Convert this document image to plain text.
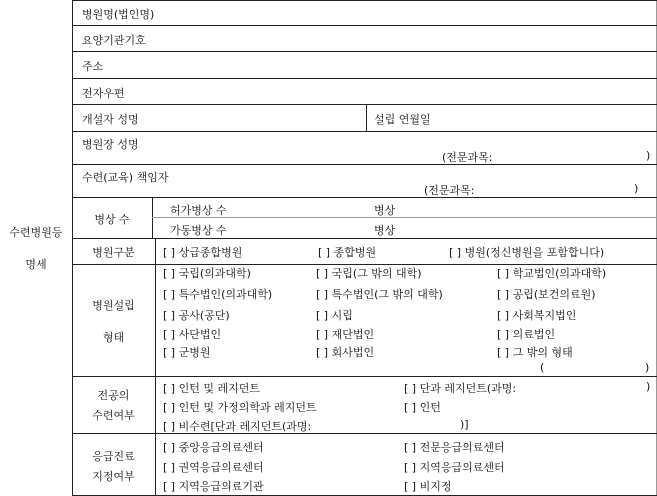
수련병원등
명세
병원명(법인명)
요양기관기호
주소
전자우편
개설자 성명	설립 연월일
병원장 성명
(전문과목:	)
수련(교육) 책임자
(전문과목:	)
병상 수
허가병상 수	병상
가동병상 수	병상
병원구분	[ ] 상급종합병원	[ ] 종합병원	[ ] 병원(정신병원을 포함합니다)
병원설립
형태
[ ] 국립(의과대학)	[ ] 국립(그 밖의 대학)	[ ] 학교법인(의과대학)
[ ] 특수법인(의과대학)	[ ] 특수법인(그 밖의 대학)	[ ] 공립(보건의료원)
[ ] 공사(공단)	[ ] 시립	[ ] 사회복지법인
[ ] 사단법인	[ ] 재단법인	[ ] 의료법인
[ ] 군병원	[ ] 회사법인	[ ] 그 밖의 형태
(	)
전공의
수련여부
[ ] 인턴 및 레지던트	[ ] 단과 레지던트(과명:	)
[ ] 인턴 및 가정의학과 레지던트	[ ] 인턴
[ ] 비수련[단과 레지던트(과명:	)]
응급진료
지정여부
[ ] 중앙응급의료센터	[ ] 전문응급의료센터
[ ] 권역응급의료센터	[ ] 지역응급의료센터
[ ] 지역응급의료기관	[ ] 비지정
